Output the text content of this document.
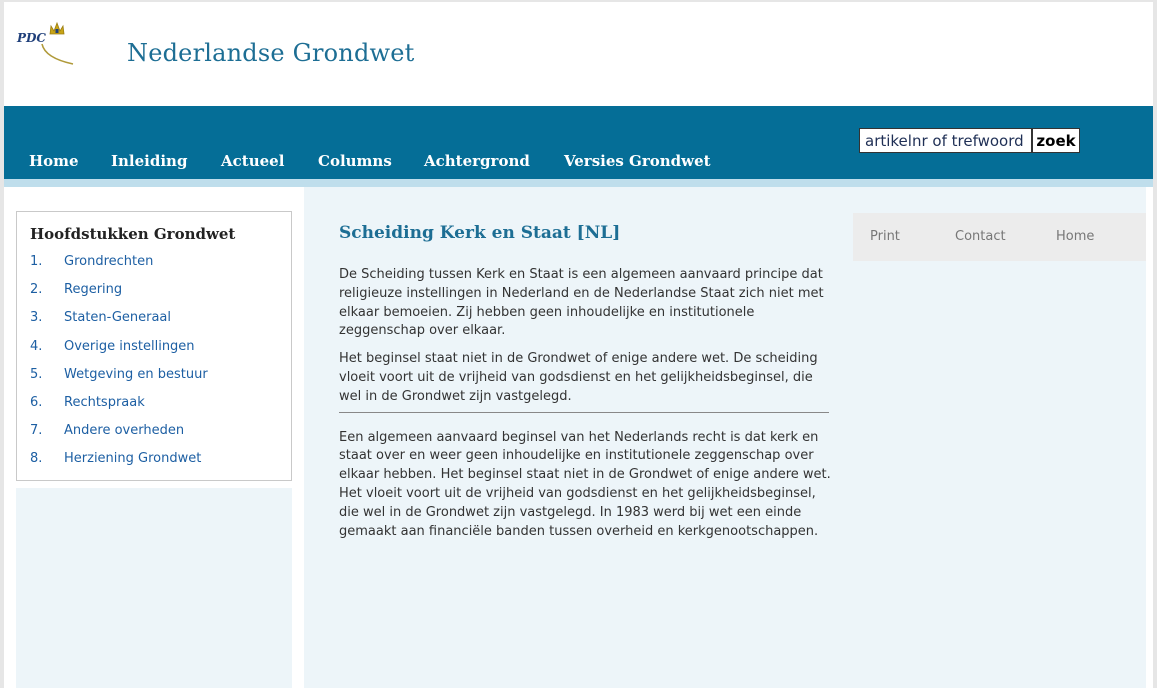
PDC
Nederlandse Grondwet
Home Inleiding Actueel Columns Achtergrond Versies Grondwet
artikelnr of trefwoord
zoek
Hoofdstukken Grondwet
1.	Grondrechten
2.	Regering
3.	Staten-Generaal
4.	Overige instellingen
5.	Wetgeving en bestuur
6.	Rechtspraak
7.	Andere overheden
8.	Herziening Grondwet
Scheiding Kerk en Staat [NL]

De Scheiding tussen Kerk en Staat is een algemeen aanvaard principe dat religieuze instellingen in Nederland en de Nederlandse Staat zich niet met elkaar bemoeien. Zij hebben geen inhoudelijke en institutionele zeggenschap over elkaar.

Het beginsel staat niet in de Grondwet of enige andere wet. De scheiding vloeit voort uit de vrijheid van godsdienst en het gelijkheidsbeginsel, die wel in de Grondwet zijn vastgelegd.

Een algemeen aanvaard beginsel van het Nederlands recht is dat kerk en staat over en weer geen inhoudelijke en institutionele zeggenschap over elkaar hebben. Het beginsel staat niet in de Grondwet of enige andere wet. Het vloeit voort uit de vrijheid van godsdienst en het gelijkheidsbeginsel, die wel in de Grondwet zijn vastgelegd. In 1983 werd bij wet een einde gemaakt aan financiële banden tussen overheid en kerkgenootschappen.

Print	Contact	Home
